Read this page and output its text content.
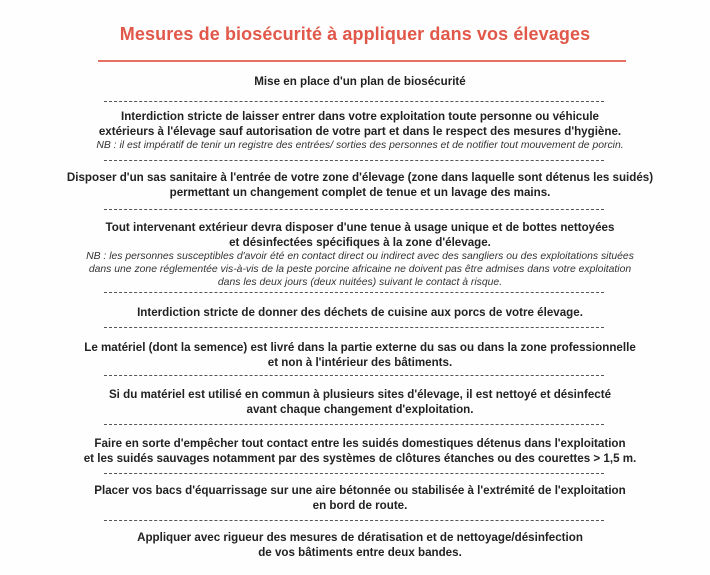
Mesures de biosécurité à appliquer dans vos élevages
Mise en place d'un plan de biosécurité
Interdiction stricte de laisser entrer dans votre exploitation toute personne ou véhicule
extérieurs à l'élevage sauf autorisation de votre part et dans le respect des mesures d'hygiène.
NB : il est impératif de tenir un registre des entrées/ sorties des personnes et de notifier tout mouvement de porcin.
Disposer d'un sas sanitaire à l'entrée de votre zone d'élevage (zone dans laquelle sont détenus les suidés)
permettant un changement complet de tenue et un lavage des mains.
Tout intervenant extérieur devra disposer d'une tenue à usage unique et de bottes nettoyées
et désinfectées spécifiques à la zone d'élevage.
NB : les personnes susceptibles d'avoir été en contact direct ou indirect avec des sangliers ou des exploitations situées
dans une zone réglementée vis-à-vis de la peste porcine africaine ne doivent pas être admises dans votre exploitation
dans les deux jours (deux nuitées) suivant le contact à risque.
Interdiction stricte de donner des déchets de cuisine aux porcs de votre élevage.
Le matériel (dont la semence) est livré dans la partie externe du sas ou dans la zone professionnelle
et non à l'intérieur des bâtiments.
Si du matériel est utilisé en commun à plusieurs sites d'élevage, il est nettoyé et désinfecté
avant chaque changement d'exploitation.
Faire en sorte d'empêcher tout contact entre les suidés domestiques détenus dans l'exploitation
et les suidés sauvages notamment par des systèmes de clôtures étanches ou des courettes > 1,5 m.
Placer vos bacs d'équarrissage sur une aire bétonnée ou stabilisée à l'extrémité de l'exploitation
en bord de route.
Appliquer avec rigueur des mesures de dératisation et de nettoyage/désinfection
de vos bâtiments entre deux bandes.
